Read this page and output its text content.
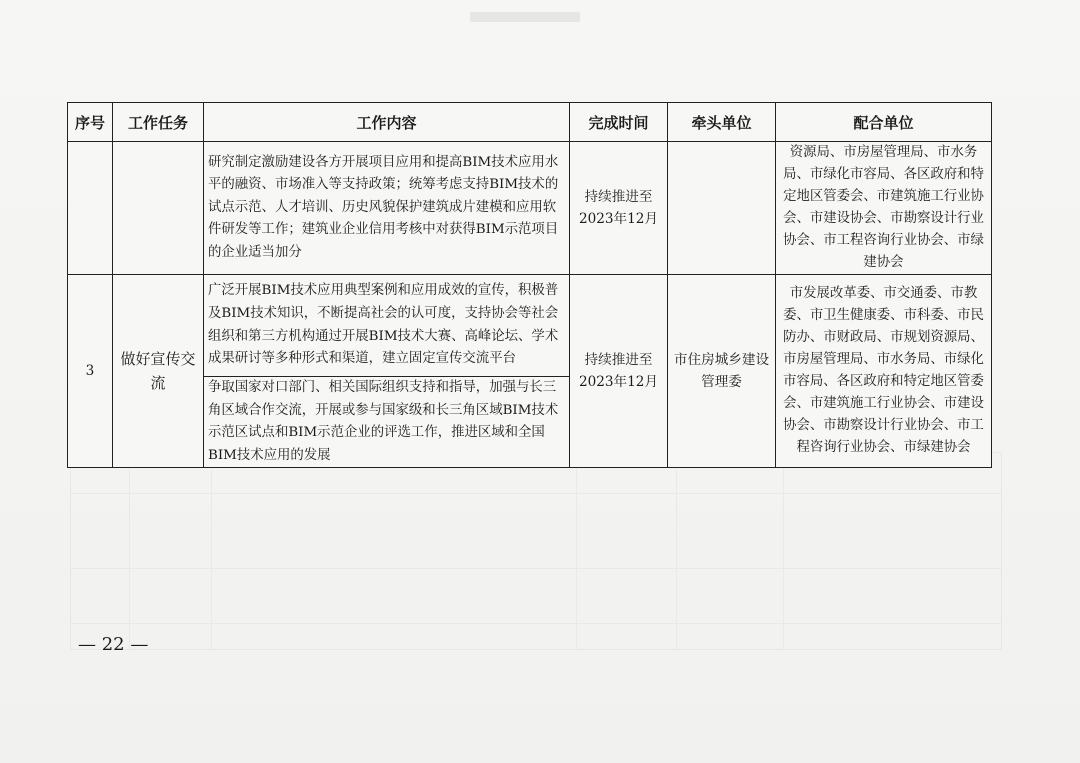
序号	工作任务	工作内容	完成时间	牵头单位	配合单位
		研究制定激励建设各方开展项目应用和提高BIM技术应用水平的融资、市场准入等支持政策；统筹考虑支持BIM技术的试点示范、人才培训、历史风貌保护建筑成片建模和应用软件研发等工作；建筑业企业信用考核中对获得BIM示范项目的企业适当加分	持续推进至2023年12月		资源局、市房屋管理局、市水务局、市绿化市容局、各区政府和特定地区管委会、市建筑施工行业协会、市建设协会、市勘察设计行业协会、市工程咨询行业协会、市绿建协会
3	做好宣传交流	广泛开展BIM技术应用典型案例和应用成效的宣传，积极普及BIM技术知识，不断提高社会的认可度，支持协会等社会组织和第三方机构通过开展BIM技术大赛、高峰论坛、学术成果研讨等多种形式和渠道，建立固定宣传交流平台	持续推进至2023年12月	市住房城乡建设管理委	市发展改革委、市交通委、市教委、市卫生健康委、市科委、市民防办、市财政局、市规划资源局、市房屋管理局、市水务局、市绿化市容局、各区政府和特定地区管委会、市建筑施工行业协会、市建设协会、市勘察设计行业协会、市工程咨询行业协会、市绿建协会
		争取国家对口部门、相关国际组织支持和指导，加强与长三角区域合作交流，开展或参与国家级和长三角区域BIM技术示范区试点和BIM示范企业的评选工作，推进区域和全国BIM技术应用的发展			
— 22 —
